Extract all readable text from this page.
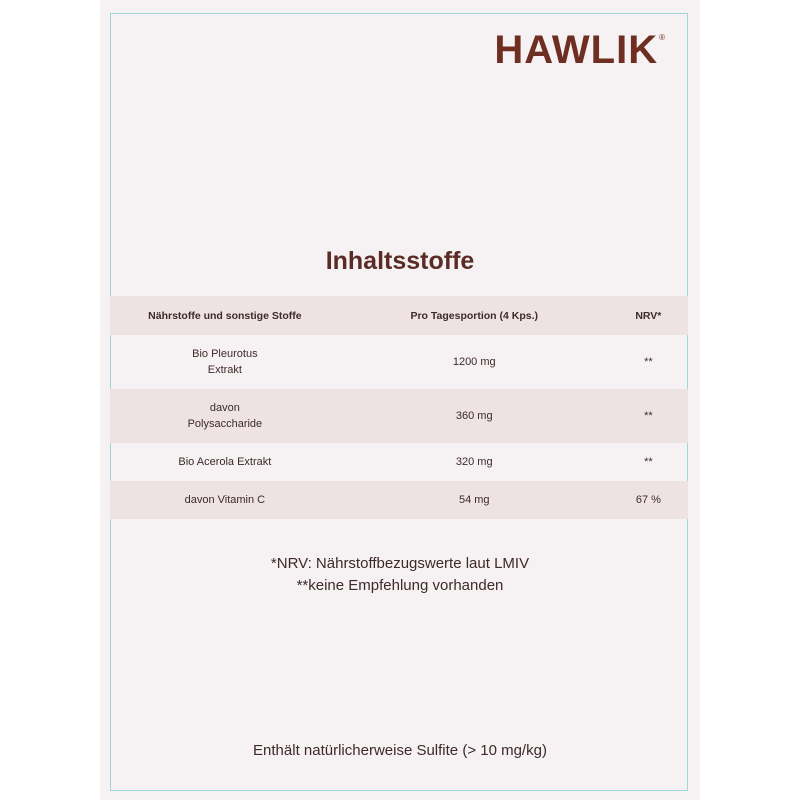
HAWLIK®
Inhaltsstoffe
Nährstoffe und sonstige Stoffe	Pro Tagesportion (4 Kps.)	NRV*

Bio Pleurotus
Extrakt	1200 mg	**

davon
Polysaccharide	360 mg	**

Bio Acerola Extrakt	320 mg	**

davon Vitamin C	54 mg	67 %
*NRV: Nährstoffbezugswerte laut LMIV
**keine Empfehlung vorhanden
Enthält natürlicherweise Sulfite (> 10 mg/kg)
